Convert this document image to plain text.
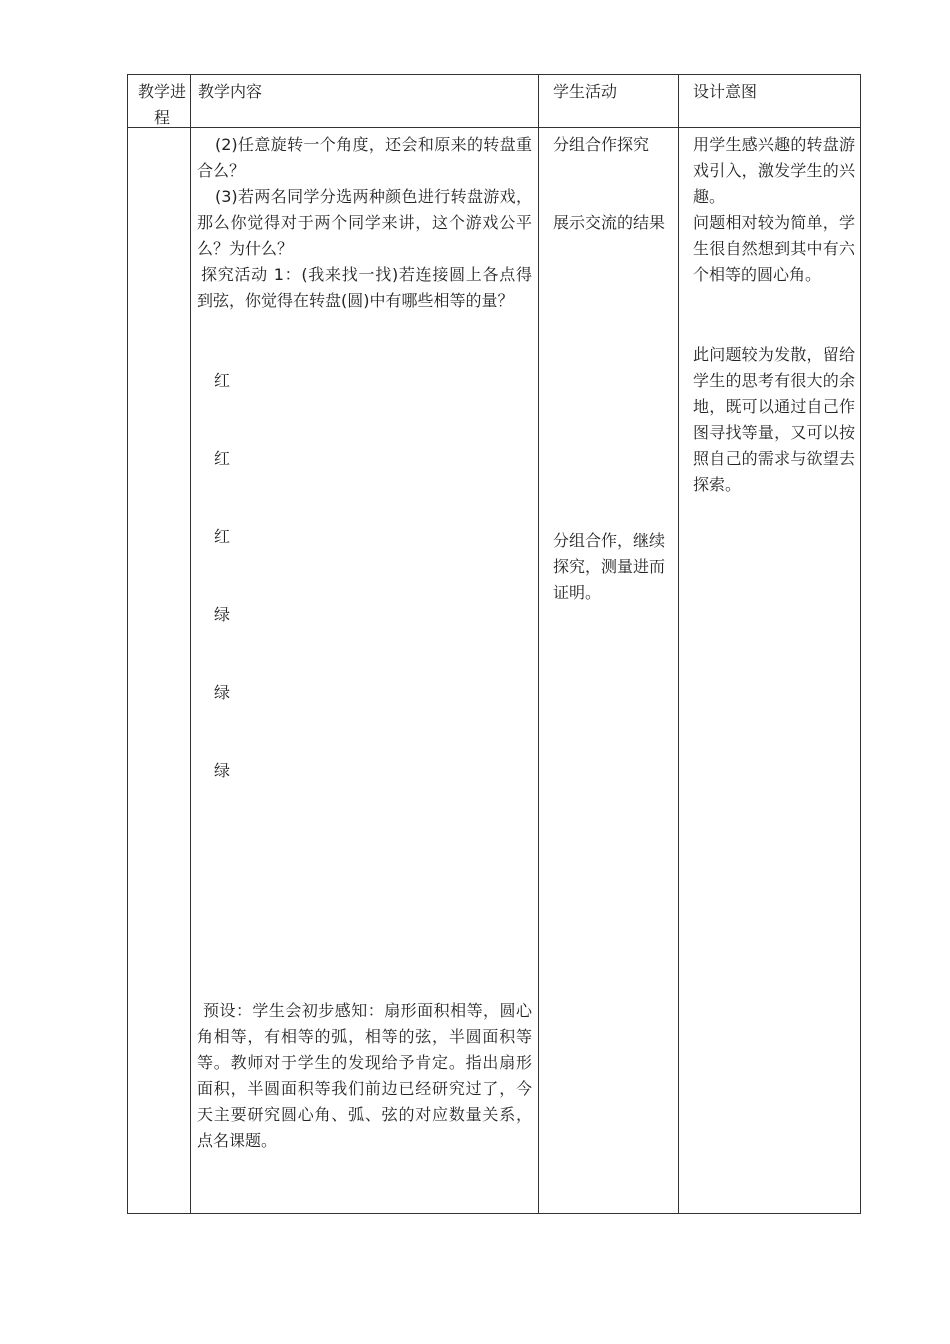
教学进程
教学内容	学生活动	设计意图
(2)任意旋转一个角度，还会和原来的转盘重合么？
(3)若两名同学分选两种颜色进行转盘游戏，那么你觉得对于两个同学来讲，这个游戏公平么？为什么？
探究活动 1：(我来找一找)若连接圆上各点得到弦，你觉得在转盘(圆)中有哪些相等的量？
红
红
红
绿
绿
绿
预设：学生会初步感知：扇形面积相等，圆心角相等，有相等的弧，相等的弦，半圆面积等等。教师对于学生的发现给予肯定。指出扇形面积，半圆面积等我们前边已经研究过了，今天主要研究圆心角、弧、弦的对应数量关系，点名课题。
分组合作探究
展示交流的结果
分组合作，继续探究，测量进而证明。
用学生感兴趣的转盘游戏引入，激发学生的兴趣。
问题相对较为简单，学生很自然想到其中有六个相等的圆心角。
此问题较为发散，留给学生的思考有很大的余地，既可以通过自己作图寻找等量，又可以按照自己的需求与欲望去探索。
